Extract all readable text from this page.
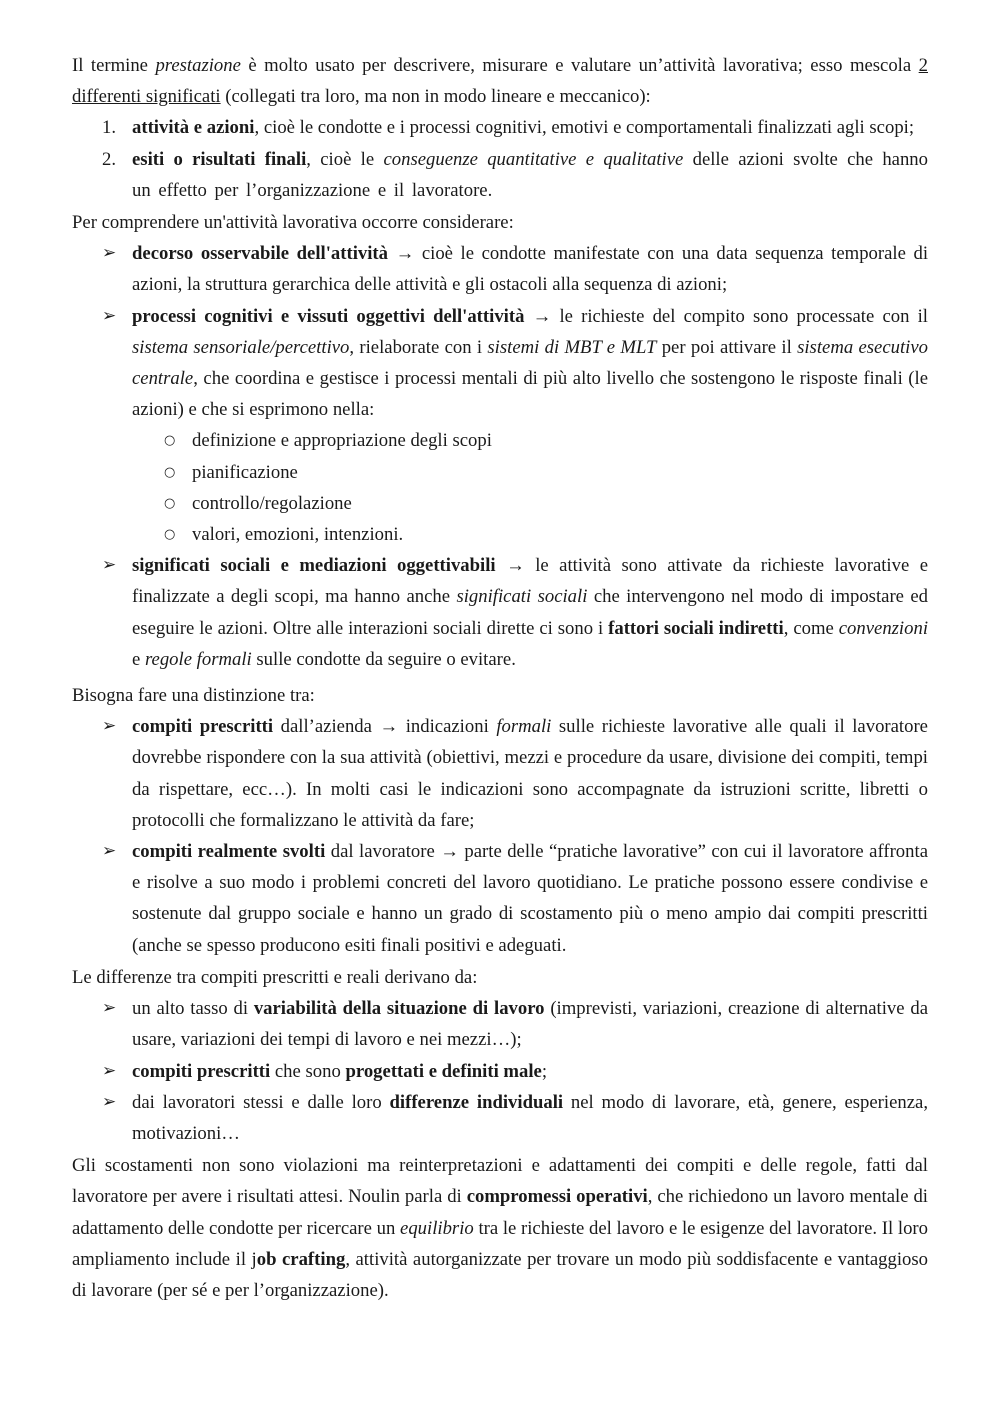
Il termine prestazione è molto usato per descrivere, misurare e valutare un’attività lavorativa; esso mescola 2 differenti significati (collegati tra loro, ma non in modo lineare e meccanico):

1. attività e azioni, cioè le condotte e i processi cognitivi, emotivi e comportamentali finalizzati agli scopi;
2. esiti o risultati finali, cioè le conseguenze quantitative e qualitative delle azioni svolte che hanno un effetto per l’organizzazione e il lavoratore.

Per comprendere un'attività lavorativa occorre considerare:

➢ decorso osservabile dell'attività → cioè le condotte manifestate con una data sequenza temporale di azioni, la struttura gerarchica delle attività e gli ostacoli alla sequenza di azioni;
➢ processi cognitivi e vissuti oggettivi dell'attività → le richieste del compito sono processate con il sistema sensoriale/percettivo, rielaborate con i sistemi di MBT e MLT per poi attivare il sistema esecutivo centrale, che coordina e gestisce i processi mentali di più alto livello che sostengono le risposte finali (le azioni) e che si esprimono nella:
○ definizione e appropriazione degli scopi
○ pianificazione
○ controllo/regolazione
○ valori, emozioni, intenzioni.
➢ significati sociali e mediazioni oggettivabili → le attività sono attivate da richieste lavorative e finalizzate a degli scopi, ma hanno anche significati sociali che intervengono nel modo di impostare ed eseguire le azioni. Oltre alle interazioni sociali dirette ci sono i fattori sociali indiretti, come convenzioni e regole formali sulle condotte da seguire o evitare.

Bisogna fare una distinzione tra:

➢ compiti prescritti dall’azienda → indicazioni formali sulle richieste lavorative alle quali il lavoratore dovrebbe rispondere con la sua attività (obiettivi, mezzi e procedure da usare, divisione dei compiti, tempi da rispettare, ecc…). In molti casi le indicazioni sono accompagnate da istruzioni scritte, libretti o protocolli che formalizzano le attività da fare;
➢ compiti realmente svolti dal lavoratore → parte delle “pratiche lavorative” con cui il lavoratore affronta e risolve a suo modo i problemi concreti del lavoro quotidiano. Le pratiche possono essere condivise e sostenute dal gruppo sociale e hanno un grado di scostamento più o meno ampio dai compiti prescritti (anche se spesso producono esiti finali positivi e adeguati.

Le differenze tra compiti prescritti e reali derivano da:

➢ un alto tasso di variabilità della situazione di lavoro (imprevisti, variazioni, creazione di alternative da usare, variazioni dei tempi di lavoro e nei mezzi…);
➢ compiti prescritti che sono progettati e definiti male;
➢ dai lavoratori stessi e dalle loro differenze individuali nel modo di lavorare, età, genere, esperienza, motivazioni…

Gli scostamenti non sono violazioni ma reinterpretazioni e adattamenti dei compiti e delle regole, fatti dal lavoratore per avere i risultati attesi. Noulin parla di compromessi operativi, che richiedono un lavoro mentale di adattamento delle condotte per ricercare un equilibrio tra le richieste del lavoro e le esigenze del lavoratore. Il loro ampliamento include il job crafting, attività autorganizzate per trovare un modo più soddisfacente e vantaggioso di lavorare (per sé e per l’organizzazione).
